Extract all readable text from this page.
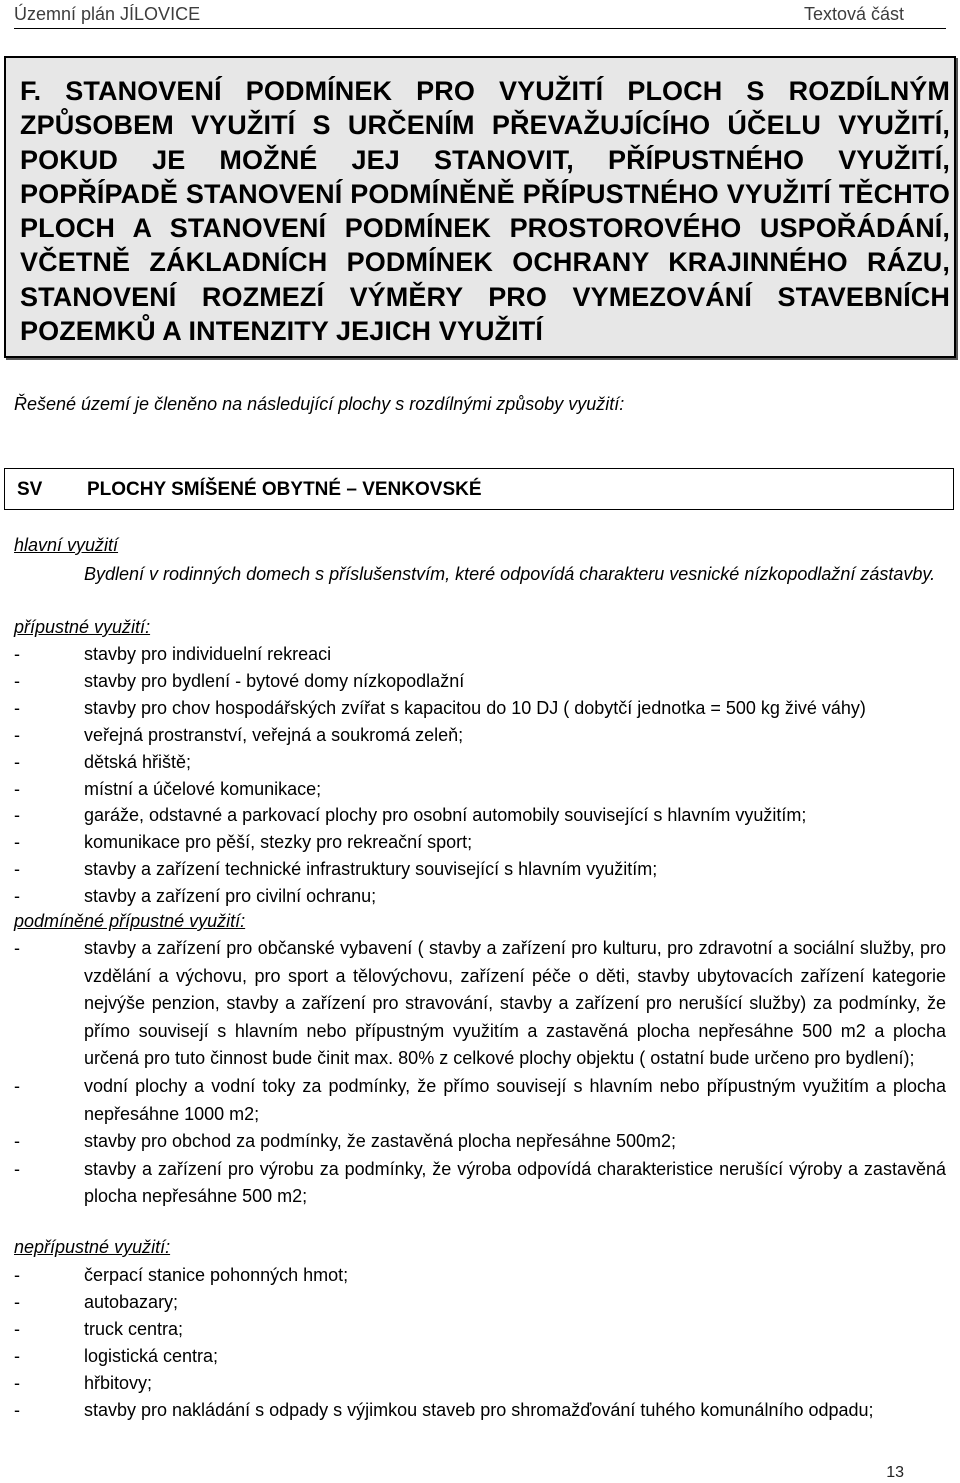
Územní plán JÍLOVICE	Textová část
F. STANOVENÍ PODMÍNEK PRO VYUŽITÍ PLOCH S ROZDÍLNÝM ZPŮSOBEM VYUŽITÍ S URČENÍM PŘEVAŽUJÍCÍHO ÚČELU VYUŽITÍ, POKUD JE MOŽNÉ JEJ STANOVIT, PŘÍPUSTNÉHO VYUŽITÍ, POPŘÍPADĚ STANOVENÍ PODMÍNĚNĚ PŘÍPUSTNÉHO VYUŽITÍ TĚCHTO PLOCH A STANOVENÍ PODMÍNEK PROSTOROVÉHO USPOŘÁDÁNÍ, VČETNĚ ZÁKLADNÍCH PODMÍNEK OCHRANY KRAJINNÉHO RÁZU, STANOVENÍ ROZMEZÍ VÝMĚRY PRO VYMEZOVÁNÍ STAVEBNÍCH POZEMKŮ A INTENZITY JEJICH VYUŽITÍ
Řešené území je členěno na následující plochy s rozdílnými způsoby využití:
SV PLOCHY SMÍŠENÉ OBYTNÉ – VENKOVSKÉ
hlavní využití
Bydlení v rodinných domech s příslušenstvím, které odpovídá charakteru vesnické nízkopodlažní zástavby.
přípustné využití:
-	stavby pro individuelní rekreaci
-	stavby pro bydlení - bytové domy nízkopodlažní
-	stavby pro chov hospodářských zvířat s kapacitou do 10 DJ ( dobytčí jednotka = 500 kg živé váhy)
-	veřejná prostranství, veřejná a soukromá zeleň;
-	dětská hřiště;
-	místní a účelové komunikace;
-	garáže, odstavné a parkovací plochy pro osobní automobily související s hlavním využitím;
-	komunikace pro pěší, stezky pro rekreační sport;
-	stavby a zařízení technické infrastruktury související s hlavním využitím;
-	stavby a zařízení pro civilní ochranu;
podmíněné přípustné využití:
-	stavby a zařízení pro občanské vybavení ( stavby a zařízení pro kulturu, pro zdravotní a sociální služby, pro vzdělání a výchovu, pro sport a tělovýchovu, zařízení péče o děti, stavby ubytovacích zařízení kategorie nejvýše penzion, stavby a zařízení pro stravování, stavby a zařízení pro nerušící služby) za podmínky, že přímo souvisejí s hlavním nebo přípustným využitím a zastavěná plocha nepřesáhne 500 m2 a plocha určená pro tuto činnost bude činit max. 80% z celkové plochy objektu ( ostatní bude určeno pro bydlení);
-	vodní plochy a vodní toky za podmínky, že přímo souvisejí s hlavním nebo přípustným využitím a plocha nepřesáhne 1000 m2;
-	stavby pro obchod za podmínky, že zastavěná plocha nepřesáhne 500m2;
-	stavby a zařízení pro výrobu za podmínky, že výroba odpovídá charakteristice nerušící výroby a zastavěná plocha nepřesáhne 500 m2;
nepřípustné využití:
-	čerpací stanice pohonných hmot;
-	autobazary;
-	truck centra;
-	logistická centra;
-	hřbitovy;
-	stavby pro nakládání s odpady s výjimkou staveb pro shromažďování tuhého komunálního odpadu;
13
